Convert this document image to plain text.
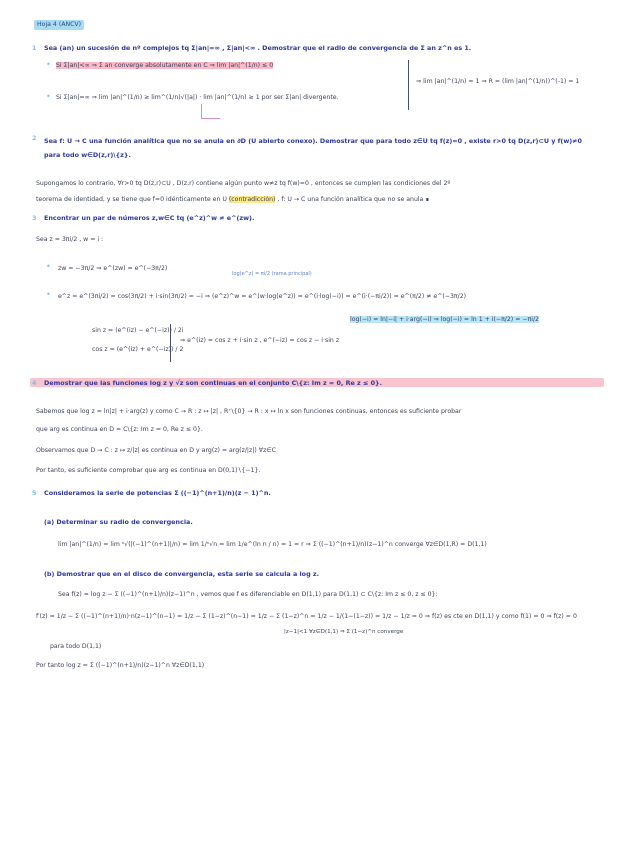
Hoja 4 (ANCV)
1 Sea (an) un sucesión de nº complejos tq Σ|an|=∞ , Σ|an|<∞ . Demostrar que el radio de convergencia de Σ an z^n es 1.
• Si Σ|an|<∞ ⇒ Σ an converge absolutamente en C ⇒ lim |an|^(1/n) ≤ 0
• Si Σ|an|=∞ ⇒ lim |an|^(1/n) ≥ lim^(1/n)√(|a|) · lim |an|^(1/n) ≥ 1 por ser Σ|an| divergente.
⇒ lim |an|^(1/n) = 1 ⇒ R = (lim |an|^(1/n))^(-1) = 1
2 Sea f: U → C una función analítica que no se anula en ∂D (U abierto conexo). Demostrar que para todo z∈U tq f(z)=0 , existe r>0 tq D(z,r)⊂U y f(w)≠0 para todo w∈D(z,r)\{z}.
Supongamos lo contrario, ∀r>0 tq D(z,r)⊂U , D(z,r) contiene algún punto w≠z tq f(w)=0 , entonces se cumplen las condiciones del 2º
teorema de identidad, y se tiene que f=0 idénticamente en U (contradicción) , f: U → C una función analítica que no se anula ∎
3 Encontrar un par de números z,w∈C tq (e^z)^w ≠ e^(zw).
Sea z = 3πi/2 , w = i :
• zw = −3π/2 ⇒ e^(zw) = e^(−3π/2)
log(e^z) = πi/2 (rama principal)
• e^z = e^(3πi/2) = cos(3π/2) + i·sin(3π/2) = −i ⇒ (e^z)^w = e^(w·log(e^z)) = e^(i·log(−i)) = e^(i·(−πi/2)) = e^(π/2) ≠ e^(−3π/2)
log(−i) = ln|−i| + i·arg(−i) ⇒ log(−i) = ln 1 + i(−π/2) = −πi/2
sin z = (e^(iz) − e^(−iz)) / 2i
cos z = (e^(iz) + e^(−iz)) / 2
⇒ e^(iz) = cos z + i·sin z , e^(−iz) = cos z − i·sin z
4 Demostrar que las funciones log z y √z son continuas en el conjunto C\{z: Im z = 0, Re z ≤ 0}.
Sabemos que log z = ln|z| + i·arg(z) y como C → R : z ↦ |z| , R⁺\{0} → R : x ↦ ln x son funciones continuas, entonces es suficiente probar
que arg es continua en D = C\{z: Im z = 0, Re z ≤ 0}.
Observamos que D → C : z ↦ z/|z| es continua en D y arg(z) = arg(z/|z|) ∀z∈C
Por tanto, es suficiente comprobar que arg es continua en D(0,1)∖{−1}.
5 Consideramos la serie de potencias Σ ((−1)^(n+1)/n)(z − 1)^n.
(a) Determinar su radio de convergencia.
lim |an|^(1/n) = lim ⁿ√(|(−1)^(n+1)|/n) = lim 1/ⁿ√n = lim 1/e^(ln n / n) = 1 = r ⇒ Σ ((−1)^(n+1)/n)(z−1)^n converge ∀z∈D(1,R) = D(1,1)
(b) Demostrar que en el disco de convergencia, esta serie se calcula a log z.
Sea f(z) = log z − Σ ((−1)^(n+1)/n)(z−1)^n , vemos que f es diferenciable en D(1,1) para D(1,1) ⊂ C\{z: Im z ≤ 0, z ≤ 0}:
f′(z) = 1/z − Σ ((−1)^(n+1)/n)·n(z−1)^(n−1) = 1/z − Σ (1−z)^(n−1) = 1/z − Σ (1−z)^n = 1/z − 1/(1−(1−z)) = 1/z − 1/z = 0 ⇒ f(z) es cte en D(1,1) y como f(1) = 0 ⇒ f(z) = 0
|z−1|<1 ∀z∈D(1,1) ⇒ Σ (1−z)^n converge
para todo D(1,1)
Por tanto log z = Σ ((−1)^(n+1)/n)(z−1)^n ∀z∈D(1,1)
